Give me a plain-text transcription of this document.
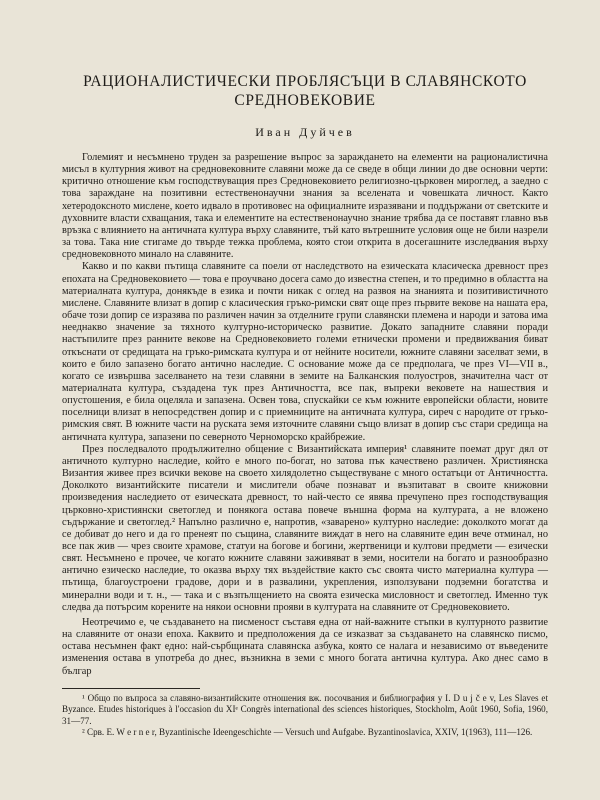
РАЦИОНАЛИСТИЧЕСКИ ПРОБЛЯСЪЦИ В СЛАВЯНСКОТО СРЕДНОВЕКОВИЕ
Иван Дуйчев

Големият и несъмнено труден за разрешение въпрос за зараждането на елементи на рационалистична мисъл в културния живот на средновековните славяни може да се сведе в общи линии до две основни черти: критично отношение към господствуващия през Средновековието религиозно-църковен мироглед, а заедно с това зараждане на позитивни естественонаучни знания за вселената и човешката личност. Както хетеродоксното мислене, което идвало в противовес на официалните изразявани и поддържани от светските и духовните власти схващания, така и елементите на естественонаучно знание трябва да се поставят главно във връзка с влиянието на античната култура върху славяните, тъй като вътрешните условия още не били назрели за това. Така ние стигаме до твърде тежка проблема, която стои открита в досегашните изследвания върху средновековното минало на славяните.

Какво и по какви пътища славяните са поели от наследството на езическата класическа древност през епохата на Средновековието — това е проучвано досега само до известна степен, и то предимно в областта на материалната култура, донякъде в езика и почти никак с оглед на развоя на знанията и позитивистичното мислене. Славяните влизат в допир с класическия гръко-римски свят още през първите векове на нашата ера, обаче този допир се изразява по различен начин за отделните групи славянски племена и народи и затова има нееднакво значение за тяхното културно-историческо развитие. Докато западните славяни поради настъпилите през ранните векове на Средновековието големи етнически промени и предвижвания биват откъснати от средищата на гръко-римската култура и от нейните носители, южните славяни заселват земи, в които е било запазено богато антично наследие. С основание може да се предполага, че през VI—VII в., когато се извършва заселването на тези славяни в земите на Балканския полуостров, значителна част от материалната култура, създадена тук през Античността, все пак, въпреки вековете на нашествия и опустошения, е била оцеляла и запазена. Освен това, спускайки се към южните европейски области, новите поселници влизат в непосредствен допир и с приемниците на античната култура, сиреч с народите от гръко-римския свят. В южните части на руската земя източните славяни също влизат в допир със стари средища на античната култура, запазени по северното Черноморско крайбрежие.

През последвалото продължително общение с Византийската империя¹ славяните поемат друг дял от античното културно наследие, който е много по-богат, но затова пък качествено различен. Християнска Византия живее през всички векове на своето хилядолетно съществуване с много остатъци от Античността. Доколкото византийските писатели и мислители обаче познават и възпитават в своите книжовни произведения наследието от езическата древност, то най-често се явява пречупено през господствуващия църковно-християнски светоглед и понякога остава повече външна форма на културата, а не вложено съдържание и светоглед.² Напълно различно е, напротив, «заварено» културно наследие: доколкото могат да се добиват до него и да го пренеят по същина, славяните виждат в него на славяните един вече отминал, но все пак жив — чрез своите храмове, статуи на богове и богини, жертвеници и култови предмети — езически свят. Несъмнено е прочее, че когато южните славяни заживяват в земи, носители на богато и разнообразно антично езическо наследие, то оказва върху тях въздействие както със своята чисто материална култура — пътища, благоустроени градове, дори и в развалини, укрепления, използувани подземни богатства и минерални води и т. н., — така и с възпълщението на своята езическа мисловност и светоглед. Именно тук следва да потърсим корените на някои основни прояви в културата на славяните от Средновековието.

Неотречимо е, че създаването на писменост съставя една от най-важните стъпки в културното развитие на славяните от онази епоха. Каквито и предположения да се изказват за създаването на славянско писмо, остава несъмнен факт едно: най-сърбщината славянска азбука, която се налага и независимо от въведените изменения остава в употреба до днес, възникна в земи с много богата антична култура. Ако днес само в българ

¹ Общо по въпроса за славяно-византийските отношения вж. посочвания и библиография у I. D u j č e v, Les Slaves et Byzance. Etudes historiques à l'occasion du XIᵉ Congrès international des sciences historiques, Stockholm, Août 1960, Sofia, 1960, 31—77.

² Срв. E. W e r n e r, Byzantinische Ideengeschichte — Versuch und Aufgabe. Byzantinoslavica, XXIV, 1(1963), 111—126.
